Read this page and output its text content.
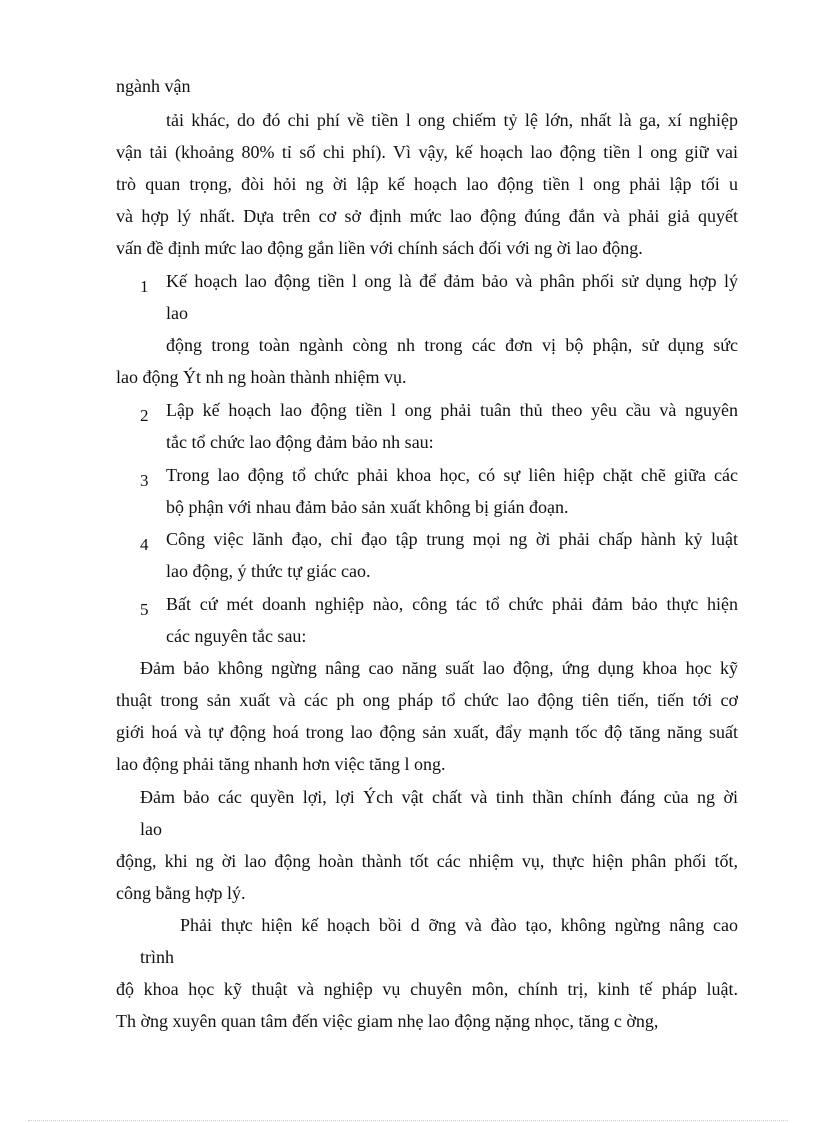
ngành vận
tải khác, do đó chi phí về tiền l ong chiếm tỷ lệ lớn, nhất là ga, xí nghiệp
vận tải (khoảng 80% tỉ số chi phí). Vì vậy, kế hoạch lao động tiền l ong giữ vai
trò quan trọng, đòi hỏi ng ời lập kế hoạch lao động tiền l ong phải lập tối u
và hợp lý nhất. Dựa trên cơ sở định mức lao động đúng đắn và phải giả quyết
vấn đề định mức lao động gắn liền với chính sách đối với ng ời lao động.
1 Kế hoạch lao động tiền l ong là để đảm bảo và phân phối sử dụng hợp lý
lao
động trong toàn ngành còng nh trong các đơn vị bộ phận, sử dụng sức
lao động Ýt nh ng hoàn thành nhiệm vụ.
2 Lập kế hoạch lao động tiền l ong phải tuân thủ theo yêu cầu và nguyên
tắc tổ chức lao động đảm bảo nh sau:
3 Trong lao động tổ chức phải khoa học, có sự liên hiệp chặt chẽ giữa các
bộ phận với nhau đảm bảo sản xuất không bị gián đoạn.
4 Công việc lãnh đạo, chỉ đạo tập trung mọi ng ời phải chấp hành kỷ luật
lao động, ý thức tự giác cao.
5 Bất cứ mét doanh nghiệp nào, công tác tổ chức phải đảm bảo thực hiện
các nguyên tắc sau:
Đảm bảo không ngừng nâng cao năng suất lao động, ứng dụng khoa học kỹ
thuật trong sản xuất và các ph ong pháp tổ chức lao động tiên tiến, tiến tới cơ
giới hoá và tự động hoá trong lao động sản xuất, đẩy mạnh tốc độ tăng năng suất
lao động phải tăng nhanh hơn việc tăng l ong.
Đảm bảo các quyền lợi, lợi Ých vật chất và tinh thần chính đáng của ng ời
lao
động, khi ng ời lao động hoàn thành tốt các nhiệm vụ, thực hiện phân phối tốt,
công bằng hợp lý.
Phải thực hiện kế hoạch bồi d ỡng và đào tạo, không ngừng nâng cao
trình
độ khoa học kỹ thuật và nghiệp vụ chuyên môn, chính trị, kinh tế pháp luật.
Th ờng xuyên quan tâm đến việc giam nhẹ lao động nặng nhọc, tăng c ờng,
